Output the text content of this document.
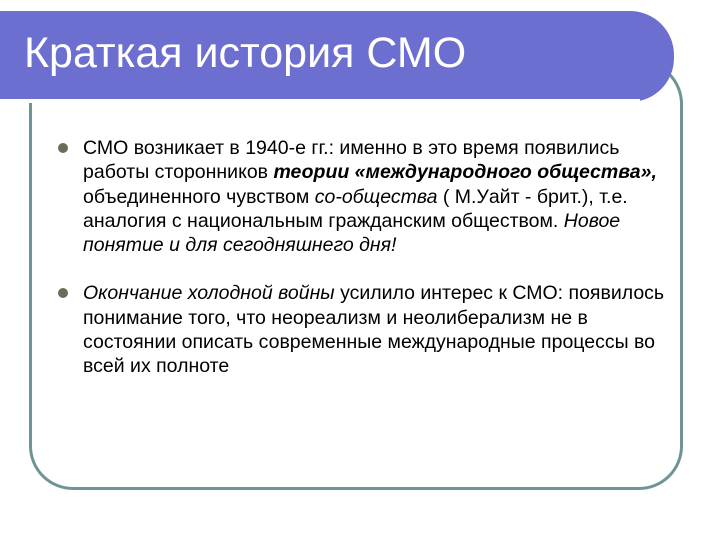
Краткая история СМО
СМО возникает в 1940-е гг.: именно в это время появились работы сторонников теории «международного общества», объединенного чувством со-общества ( М.Уайт - брит.), т.е. аналогия с национальным гражданским обществом. Новое понятие и для сегодняшнего дня!
Окончание холодной войны усилило интерес к СМО: появилось понимание того, что неореализм и неолиберализм не в состоянии описать современные международные процессы во всей их полноте
